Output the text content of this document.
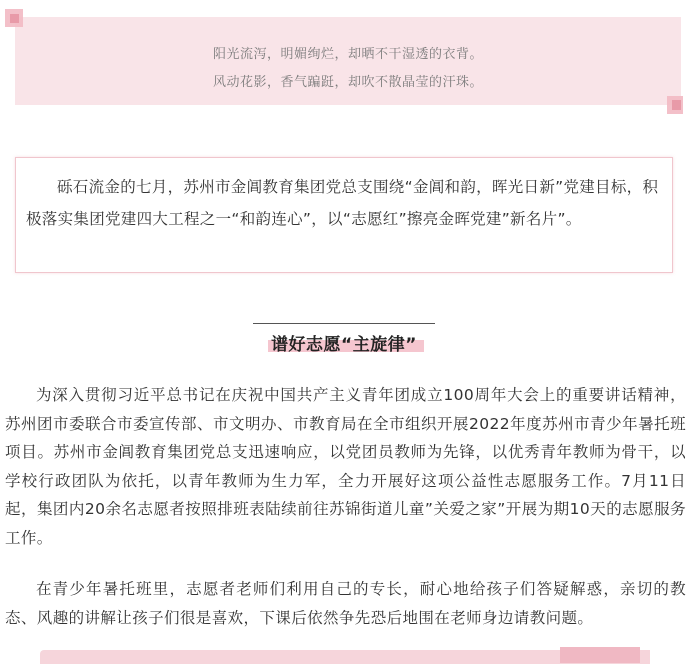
阳光流泻，明媚绚烂，却晒不干湿透的衣背。
风动花影，香气蹁跹，却吹不散晶莹的汗珠。

砾石流金的七月，苏州市金阊教育集团党总支围绕“金阊和韵，晖光日新”党建目标，积极落实集团党建四大工程之一“和韵连心”，以“志愿红”擦亮金晖党建”新名片”。

谱好志愿“主旋律”

为深入贯彻习近平总书记在庆祝中国共产主义青年团成立100周年大会上的重要讲话精神，苏州团市委联合市委宣传部、市文明办、市教育局在全市组织开展2022年度苏州市青少年暑托班项目。苏州市金阊教育集团党总支迅速响应，以党团员教师为先锋，以优秀青年教师为骨干，以学校行政团队为依托，以青年教师为生力军，全力开展好这项公益性志愿服务工作。7月11日起，集团内20余名志愿者按照排班表陆续前往苏锦街道儿童”关爱之家”开展为期10天的志愿服务工作。

在青少年暑托班里，志愿者老师们利用自己的专长，耐心地给孩子们答疑解惑，亲切的教态、风趣的讲解让孩子们很是喜欢，下课后依然争先恐后地围在老师身边请教问题。
